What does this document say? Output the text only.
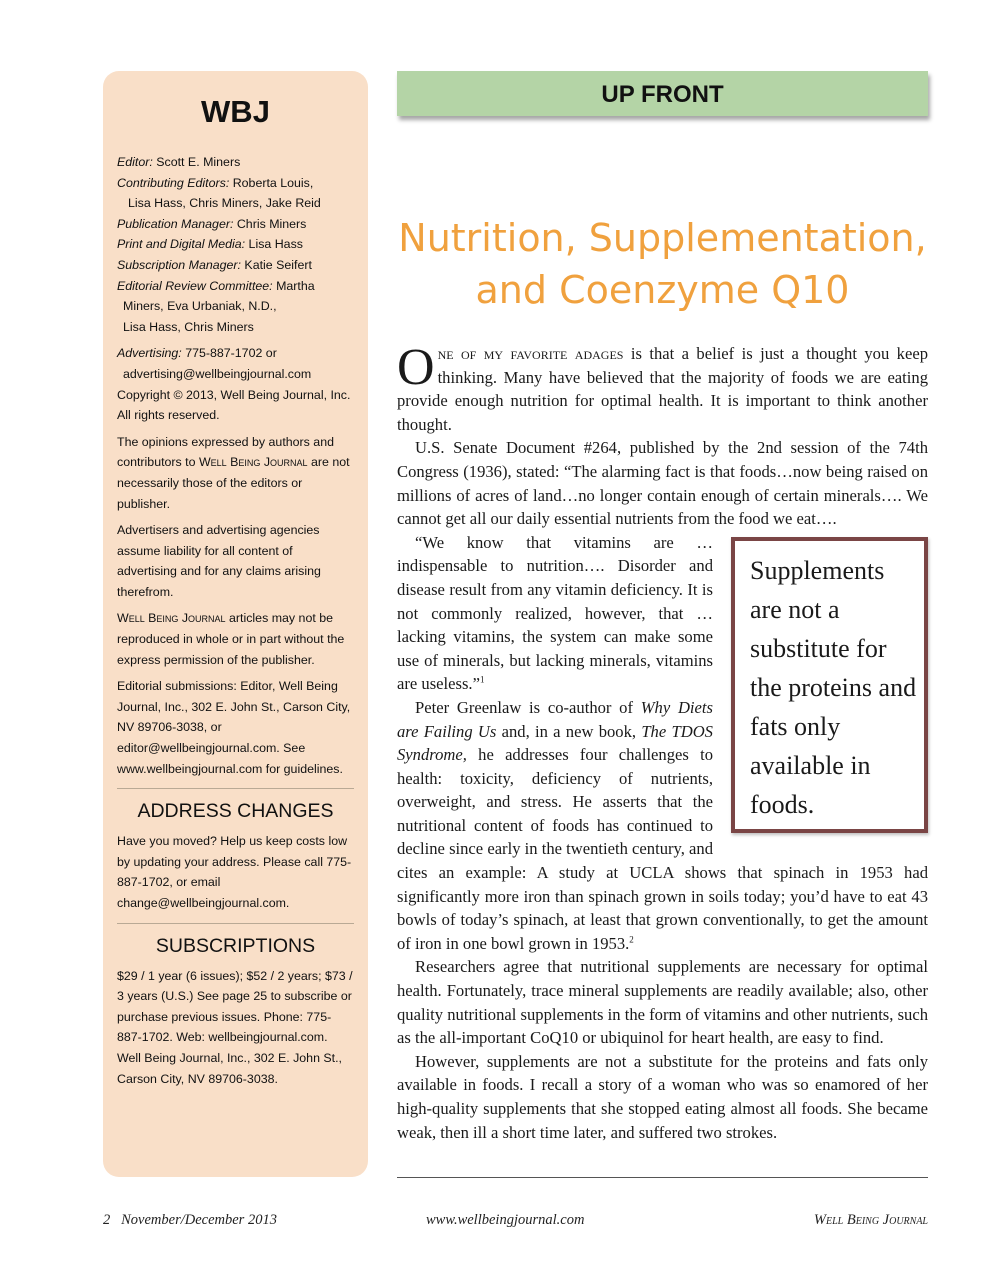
WBJ

Editor: Scott E. Miners

Contributing Editors: Roberta Louis,

Lisa Hass, Chris Miners, Jake Reid

Publication Manager: Chris Miners

Print and Digital Media: Lisa Hass

Subscription Manager: Katie Seifert

Editorial Review Committee: Martha

Miners, Eva Urbaniak, N.D.,

Lisa Hass, Chris Miners

Advertising: 775-887-1702 or

advertising@wellbeingjournal.com

Copyright © 2013, Well Being Journal, Inc. All rights reserved.

The opinions expressed by authors and contributors to Well Being Journal are not necessarily those of the editors or publisher.

Advertisers and advertising agencies assume liability for all content of advertising and for any claims arising therefrom.

Well Being Journal articles may not be reproduced in whole or in part without the express permission of the publisher.

Editorial submissions: Editor, Well Being Journal, Inc., 302 E. John St., Carson City, NV 89706-3038, or editor@wellbeingjournal.com. See www.wellbeingjournal.com for guidelines.

ADDRESS CHANGES

Have you moved? Help us keep costs low by updating your address. Please call 775-887-1702, or email change@wellbeingjournal.com.

SUBSCRIPTIONS

$29 / 1 year (6 issues); $52 / 2 years; $73 / 3 years (U.S.) See page 25 to subscribe or purchase previous issues. Phone: 775-887-1702. Web: wellbeingjournal.com. Well Being Journal, Inc., 302 E. John St., Carson City, NV 89706-3038.

UP FRONT
Nutrition, Supplementation,
and Coenzyme Q10

One of my favorite adages is that a belief is just a thought you keep thinking. Many have believed that the majority of foods we are eating provide enough nutrition for optimal health. It is important to think another thought.

U.S. Senate Document #264, published by the 2nd session of the 74th Congress (1936), stated: “The alarming fact is that foods…now being raised on millions of acres of land…no longer contain enough of certain minerals…. We cannot get all our daily essential nutrients from the food we eat….

Supplements are not a substitute for the proteins and fats only available in foods.

“We know that vitamins are … indispensable to nutrition…. Disorder and disease result from any vitamin deficiency. It is not commonly realized, however, that … lacking vitamins, the system can make some use of minerals, but lacking minerals, vitamins are useless.”$^1$

Peter Greenlaw is co-author of Why Diets are Failing Us and, in a new book, The TDOS Syndrome, he addresses four challenges to health: toxicity, deficiency of nutrients, overweight, and stress. He asserts that the nutritional content of foods has continued to decline since early in the twentieth century, and cites an example: A study at UCLA shows that spinach in 1953 had significantly more iron than spinach grown in soils today; you’d have to eat 43 bowls of today’s spinach, at least that grown conventionally, to get the amount of iron in one bowl grown in 1953.$^2$

Researchers agree that nutritional supplements are necessary for optimal health. Fortunately, trace mineral supplements are readily available; also, other quality nutritional supplements in the form of vitamins and other nutrients, such as the all-important CoQ10 or ubiquinol for heart health, are easy to find.

However, supplements are not a substitute for the proteins and fats only available in foods. I recall a story of a woman who was so enamored of her high-quality supplements that she stopped eating almost all foods. She became weak, then ill a short time later, and suffered two strokes.

2   November/December 2013	www.wellbeingjournal.com	Well Being Journal
